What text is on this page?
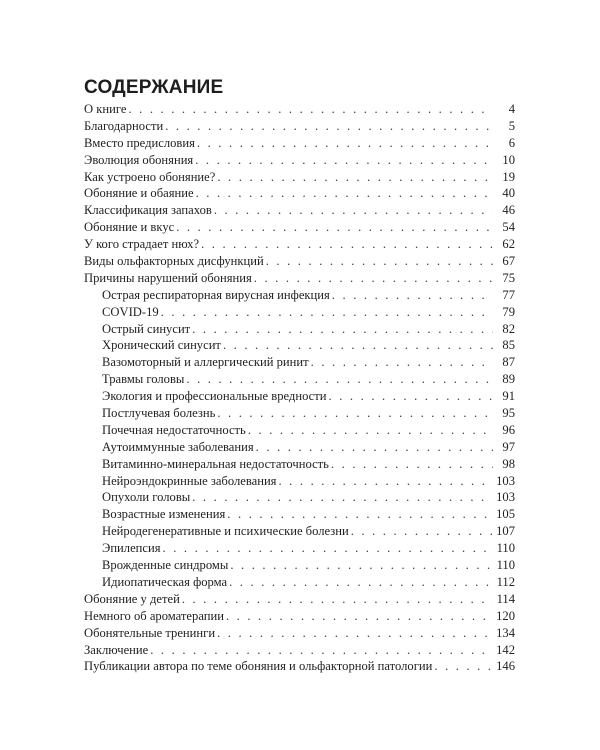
СОДЕРЖАНИЕ
О книге . . .	4
Благодарности . . .	5
Вместо предисловия . . .	6
Эволюция обоняния . . .	10
Как устроено обоняние? . . .	19
Обоняние и обаяние . . .	40
Классификация запахов . . .	46
Обоняние и вкус . . .	54
У кого страдает нюх? . . .	62
Виды ольфакторных дисфункций . . .	67
Причины нарушений обоняния . . .	75
Острая респираторная вирусная инфекция . . .	77
COVID-19 . . .	79
Острый синусит . . .	82
Хронический синусит . . .	85
Вазомоторный и аллергический ринит . . .	87
Травмы головы . . .	89
Экология и профессиональные вредности . . .	91
Постлучевая болезнь . . .	95
Почечная недостаточность . . .	96
Аутоиммунные заболевания . . .	97
Витаминно-минеральная недостаточность . . .	98
Нейроэндокринные заболевания . . .	103
Опухоли головы . . .	103
Возрастные изменения . . .	105
Нейродегенеративные и психические болезни . . .	107
Эпилепсия . . .	110
Врожденные синдромы . . .	110
Идиопатическая форма . . .	112
Обоняние у детей . . .	114
Немного об ароматерапии . . .	120
Обонятельные тренинги . . .	134
Заключение . . .	142
Публикации автора по теме обоняния и ольфакторной патологии . . .	146
